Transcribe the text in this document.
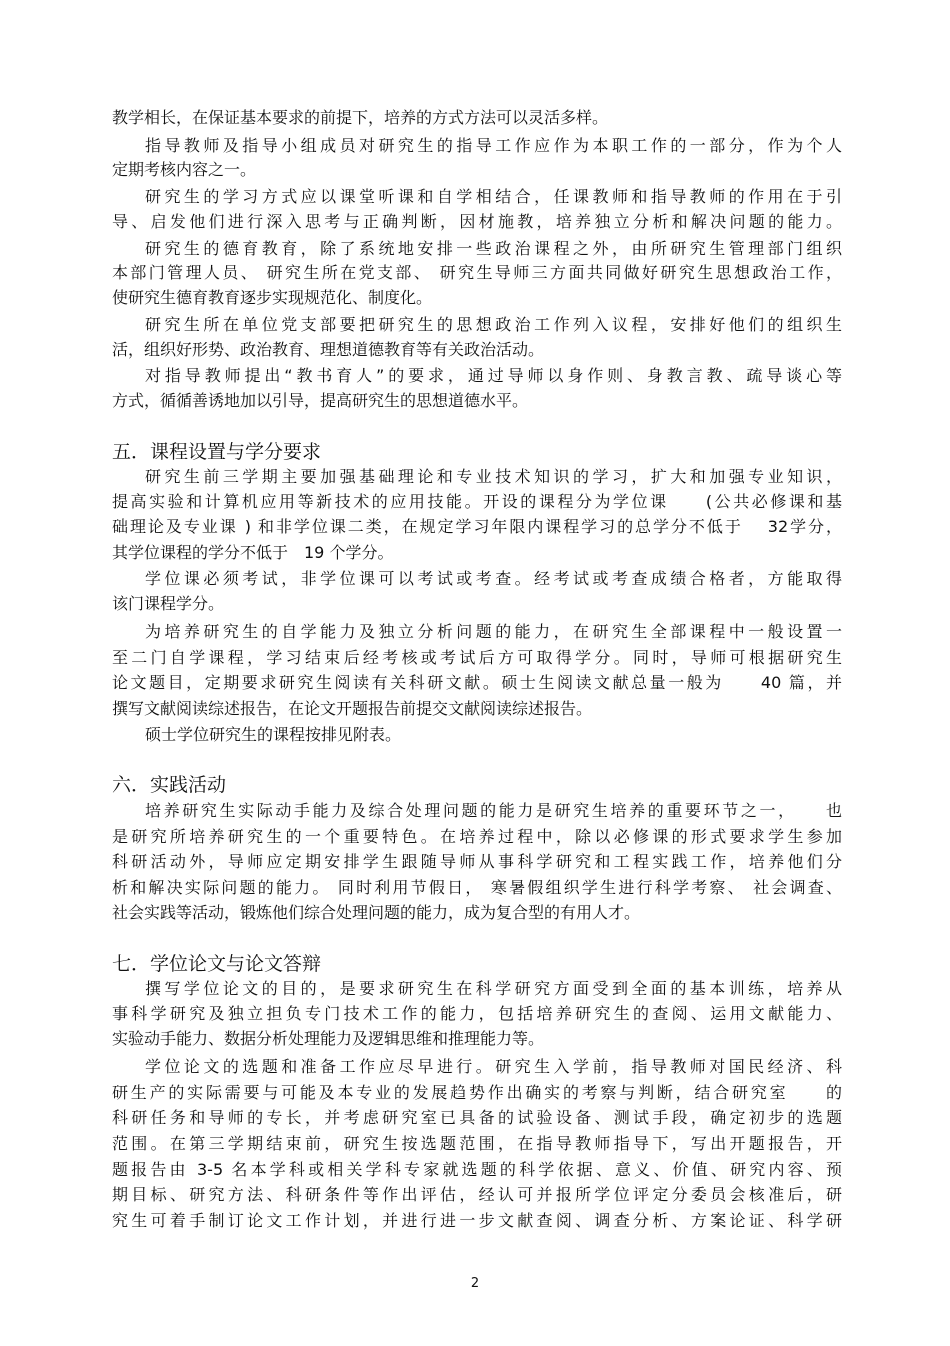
教学相长，在保证基本要求的前提下，培养的方式方法可以灵活多样。
指导教师及指导小组成员对研究生的指导工作应作为本职工作的一部分，作为个人
定期考核内容之一。
研究生的学习方式应以课堂听课和自学相结合，任课教师和指导教师的作用在于引
导、启发他们进行深入思考与正确判断，因材施教，培养独立分析和解决问题的能力。
研究生的德育教育，除了系统地安排一些政治课程之外，由所研究生管理部门组织
本部门管理人员、 研究生所在党支部、 研究生导师三方面共同做好研究生思想政治工作，
使研究生德育教育逐步实现规范化、制度化。
研究生所在单位党支部要把研究生的思想政治工作列入议程，安排好他们的组织生
活，组织好形势、政治教育、理想道德教育等有关政治活动。
对指导教师提出“教书育人”的要求，通过导师以身作则、身教言教、疏导谈心等
方式，循循善诱地加以引导，提高研究生的思想道德水平。
五．课程设置与学分要求
研究生前三学期主要加强基础理论和专业技术知识的学习，扩大和加强专业知识，
提高实验和计算机应用等新技术的应用技能。开设的课程分为学位课　　(公共必修课和基
础理论及专业课 ) 和非学位课二类，在规定学习年限内课程学习的总学分不低于　 32学分，
其学位课程的学分不低于　19 个学分。
学位课必须考试，非学位课可以考试或考查。经考试或考查成绩合格者，方能取得
该门课程学分。
为培养研究生的自学能力及独立分析问题的能力，在研究生全部课程中一般设置一
至二门自学课程，学习结束后经考核或考试后方可取得学分。同时，导师可根据研究生
论文题目，定期要求研究生阅读有关科研文献。硕士生阅读文献总量一般为　　40 篇，并
撰写文献阅读综述报告，在论文开题报告前提交文献阅读综述报告。
硕士学位研究生的课程按排见附表。
六．实践活动
培养研究生实际动手能力及综合处理问题的能力是研究生培养的重要环节之一，　　也
是研究所培养研究生的一个重要特色。在培养过程中，除以必修课的形式要求学生参加
科研活动外，导师应定期安排学生跟随导师从事科学研究和工程实践工作，培养他们分
析和解决实际问题的能力。 同时利用节假日， 寒暑假组织学生进行科学考察、 社会调查、
社会实践等活动，锻炼他们综合处理问题的能力，成为复合型的有用人才。
七．学位论文与论文答辩
撰写学位论文的目的，是要求研究生在科学研究方面受到全面的基本训练，培养从
事科学研究及独立担负专门技术工作的能力，包括培养研究生的查阅、运用文献能力、
实验动手能力、数据分析处理能力及逻辑思维和推理能力等。
学位论文的选题和准备工作应尽早进行。研究生入学前，指导教师对国民经济、科
研生产的实际需要与可能及本专业的发展趋势作出确实的考察与判断，结合研究室　　的
科研任务和导师的专长，并考虑研究室已具备的试验设备、测试手段，确定初步的选题
范围。在第三学期结束前，研究生按选题范围，在指导教师指导下，写出开题报告，开
题报告由 3-5 名本学科或相关学科专家就选题的科学依据、意义、价值、研究内容、预
期目标、研究方法、科研条件等作出评估，经认可并报所学位评定分委员会核准后，研
究生可着手制订论文工作计划，并进行进一步文献查阅、调查分析、方案论证、科学研
2
